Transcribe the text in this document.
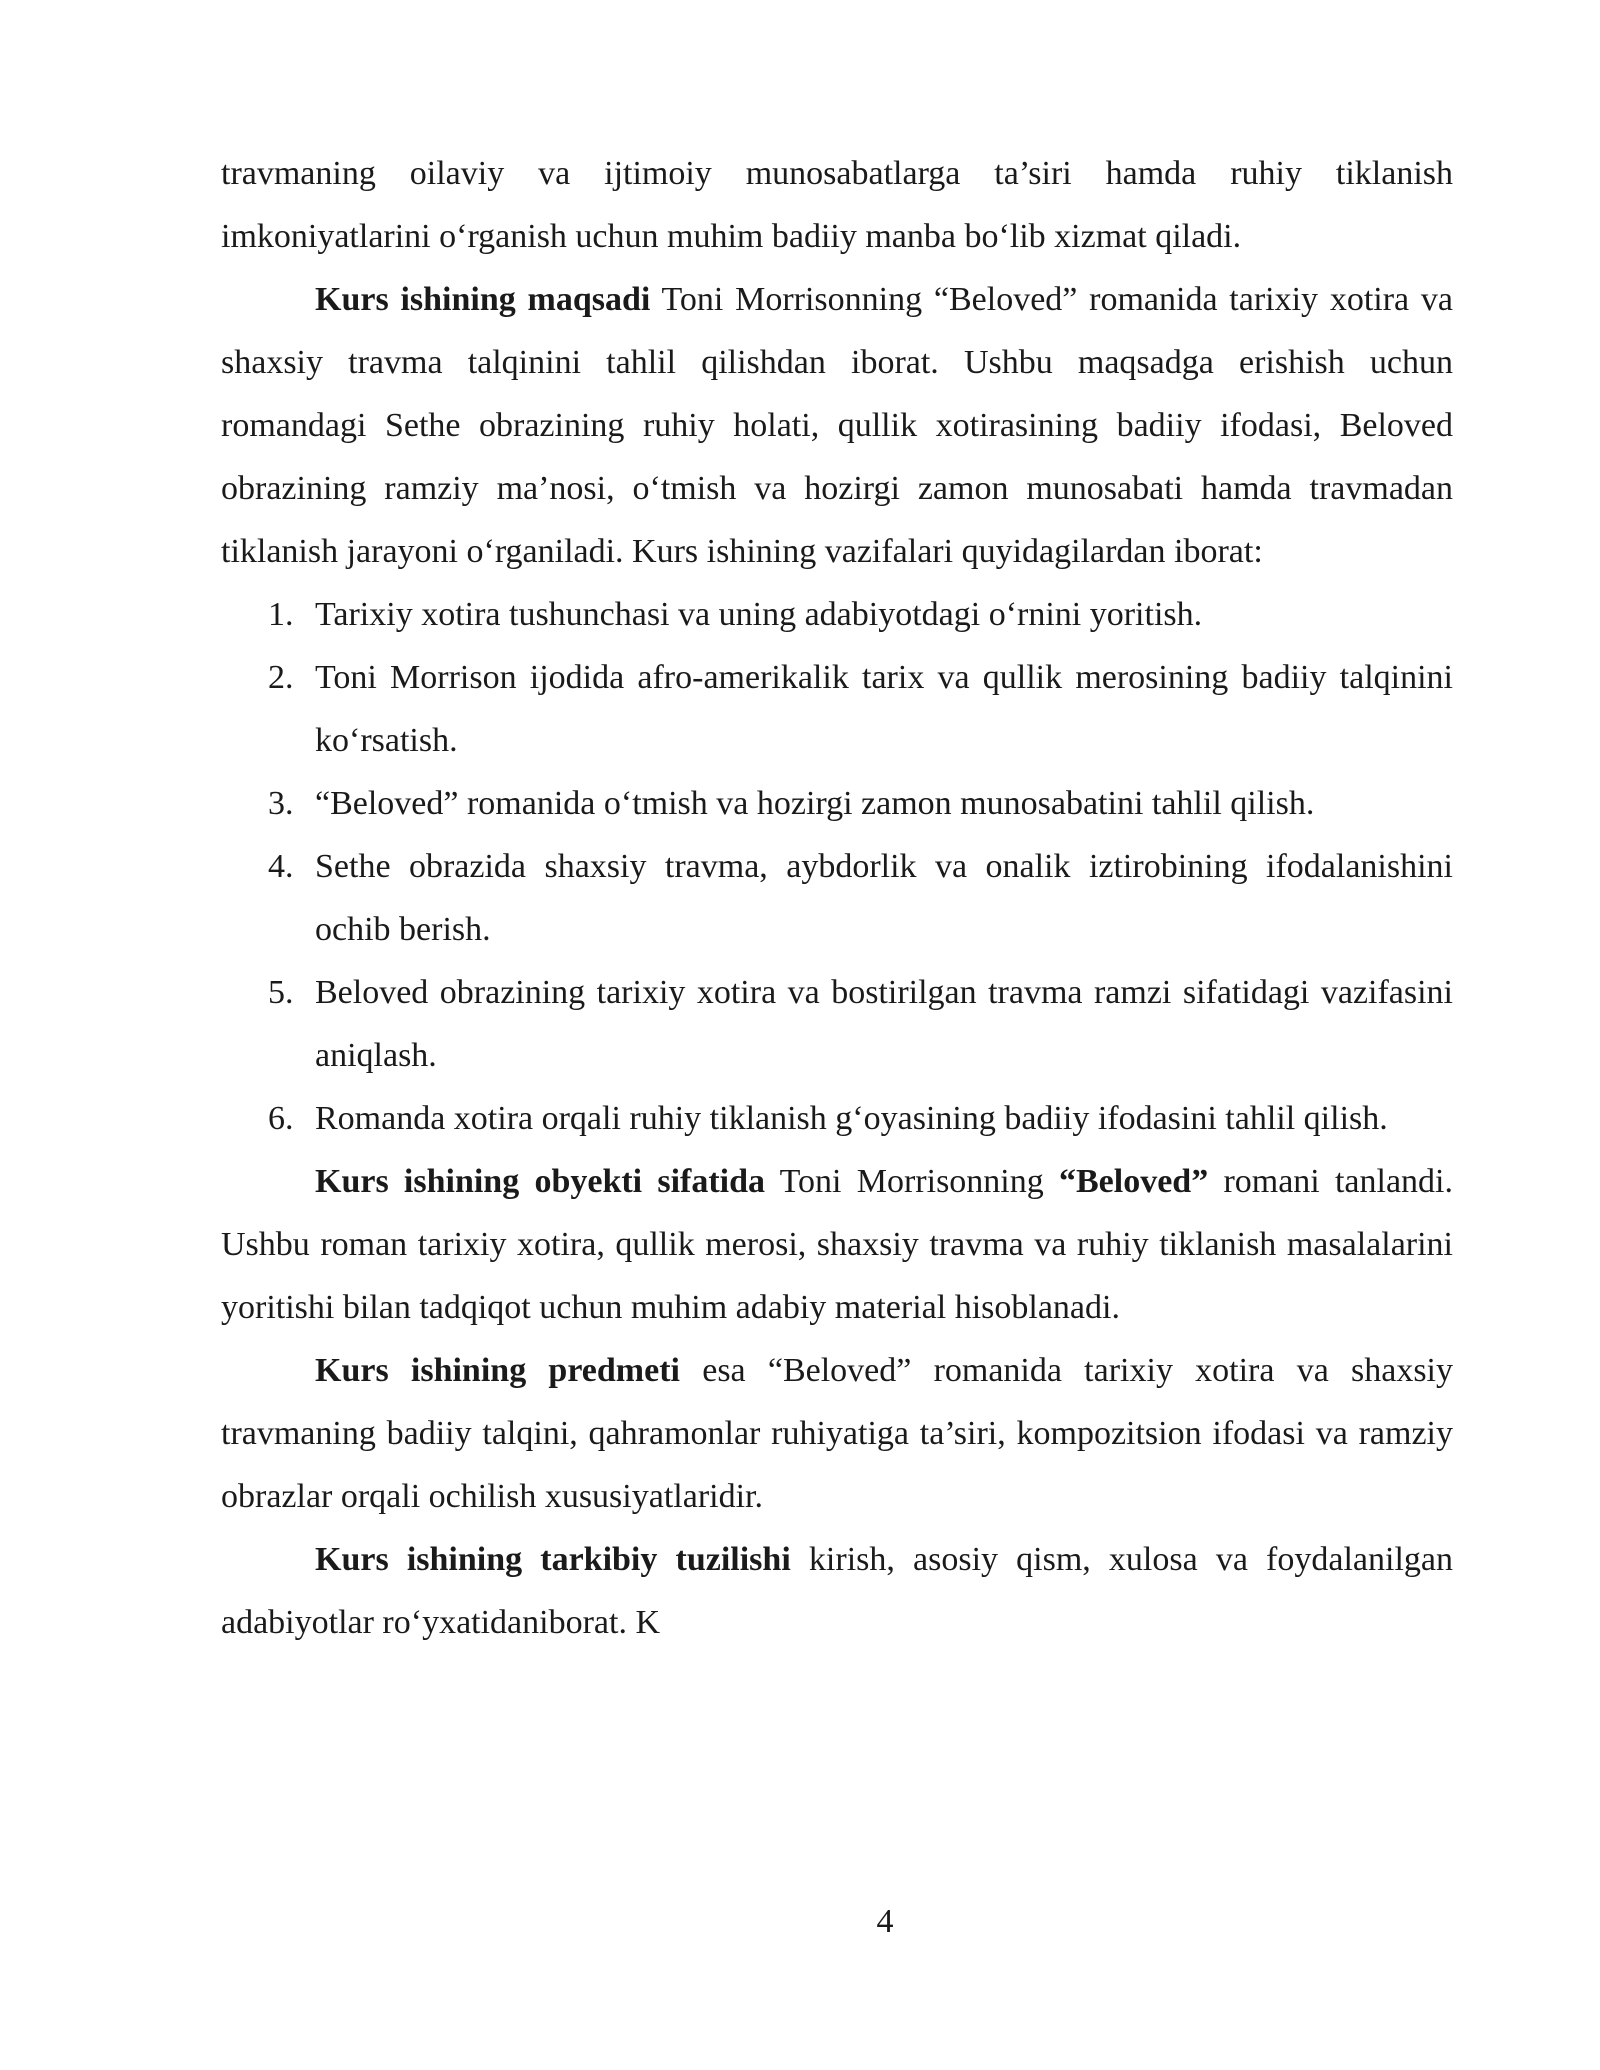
travmaning oilaviy va ijtimoiy munosabatlarga ta’siri hamda ruhiy tiklanish imkoniyatlarini o‘rganish uchun muhim badiiy manba bo‘lib xizmat qiladi.

Kurs ishining maqsadi Toni Morrisonning “Beloved” romanida tarixiy xotira va shaxsiy travma talqinini tahlil qilishdan iborat. Ushbu maqsadga erishish uchun romandagi Sethe obrazining ruhiy holati, qullik xotirasining badiiy ifodasi, Beloved obrazining ramziy ma’nosi, o‘tmish va hozirgi zamon munosabati hamda travmadan tiklanish jarayoni o‘rganiladi. Kurs ishining vazifalari quyidagilardan iborat:

1. Tarixiy xotira tushunchasi va uning adabiyotdagi o‘rnini yoritish.
2. Toni Morrison ijodida afro-amerikalik tarix va qullik merosining badiiy talqinini ko‘rsatish.
3. “Beloved” romanida o‘tmish va hozirgi zamon munosabatini tahlil qilish.
4. Sethe obrazida shaxsiy travma, aybdorlik va onalik iztirobining ifodalanishini ochib berish.
5. Beloved obrazining tarixiy xotira va bostirilgan travma ramzi sifatidagi vazifasini aniqlash.
6. Romanda xotira orqali ruhiy tiklanish g‘oyasining badiiy ifodasini tahlil qilish.

Kurs ishining obyekti sifatida Toni Morrisonning “Beloved” romani tanlandi. Ushbu roman tarixiy xotira, qullik merosi, shaxsiy travma va ruhiy tiklanish masalalarini yoritishi bilan tadqiqot uchun muhim adabiy material hisoblanadi.

Kurs ishining predmeti esa “Beloved” romanida tarixiy xotira va shaxsiy travmaning badiiy talqini, qahramonlar ruhiyatiga ta’siri, kompozitsion ifodasi va ramziy obrazlar orqali ochilish xususiyatlaridir.

Kurs ishining tarkibiy tuzilishi kirish, asosiy qism, xulosa va foydalanilgan adabiyotlar ro‘yxatidaniborat. K

4
